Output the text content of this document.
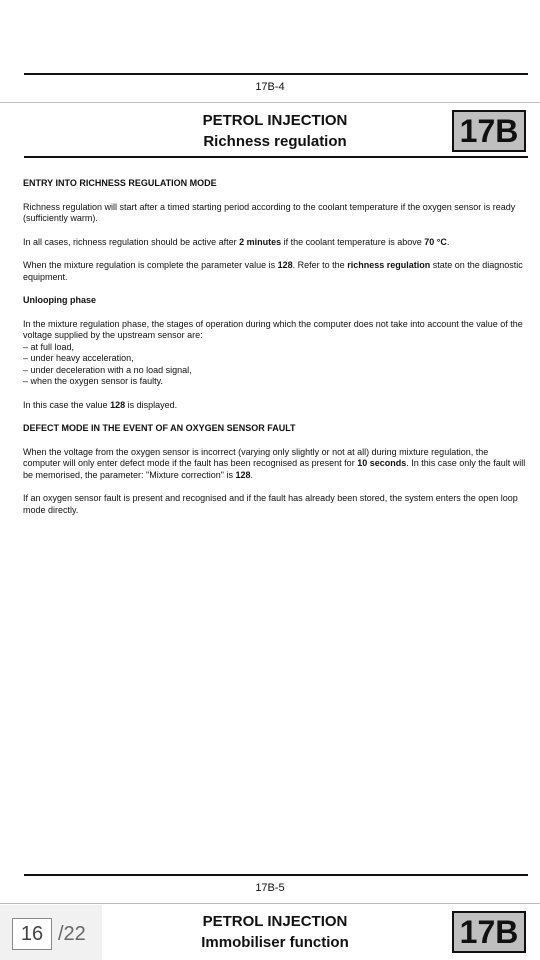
17B-4
PETROL INJECTION
Richness regulation	17B
ENTRY INTO RICHNESS REGULATION MODE

Richness regulation will start after a timed starting period according to the coolant temperature if the oxygen sensor is ready (sufficiently warm).

In all cases, richness regulation should be active after 2 minutes if the coolant temperature is above 70 °C.

When the mixture regulation is complete the parameter value is 128. Refer to the richness regulation state on the diagnostic equipment.

Unlooping phase

In the mixture regulation phase, the stages of operation during which the computer does not take into account the value of the voltage supplied by the upstream sensor are:

– at full load,
– under heavy acceleration,
– under deceleration with a no load signal,
– when the oxygen sensor is faulty.

In this case the value 128 is displayed.

DEFECT MODE IN THE EVENT OF AN OXYGEN SENSOR FAULT

When the voltage from the oxygen sensor is incorrect (varying only slightly or not at all) during mixture regulation, the computer will only enter defect mode if the fault has been recognised as present for 10 seconds. In this case only the fault will be memorised, the parameter: "Mixture correction" is 128.

If an oxygen sensor fault is present and recognised and if the fault has already been stored, the system enters the open loop mode directly.

17B-5
PETROL INJECTION
Immobiliser function	17B
16 /22
